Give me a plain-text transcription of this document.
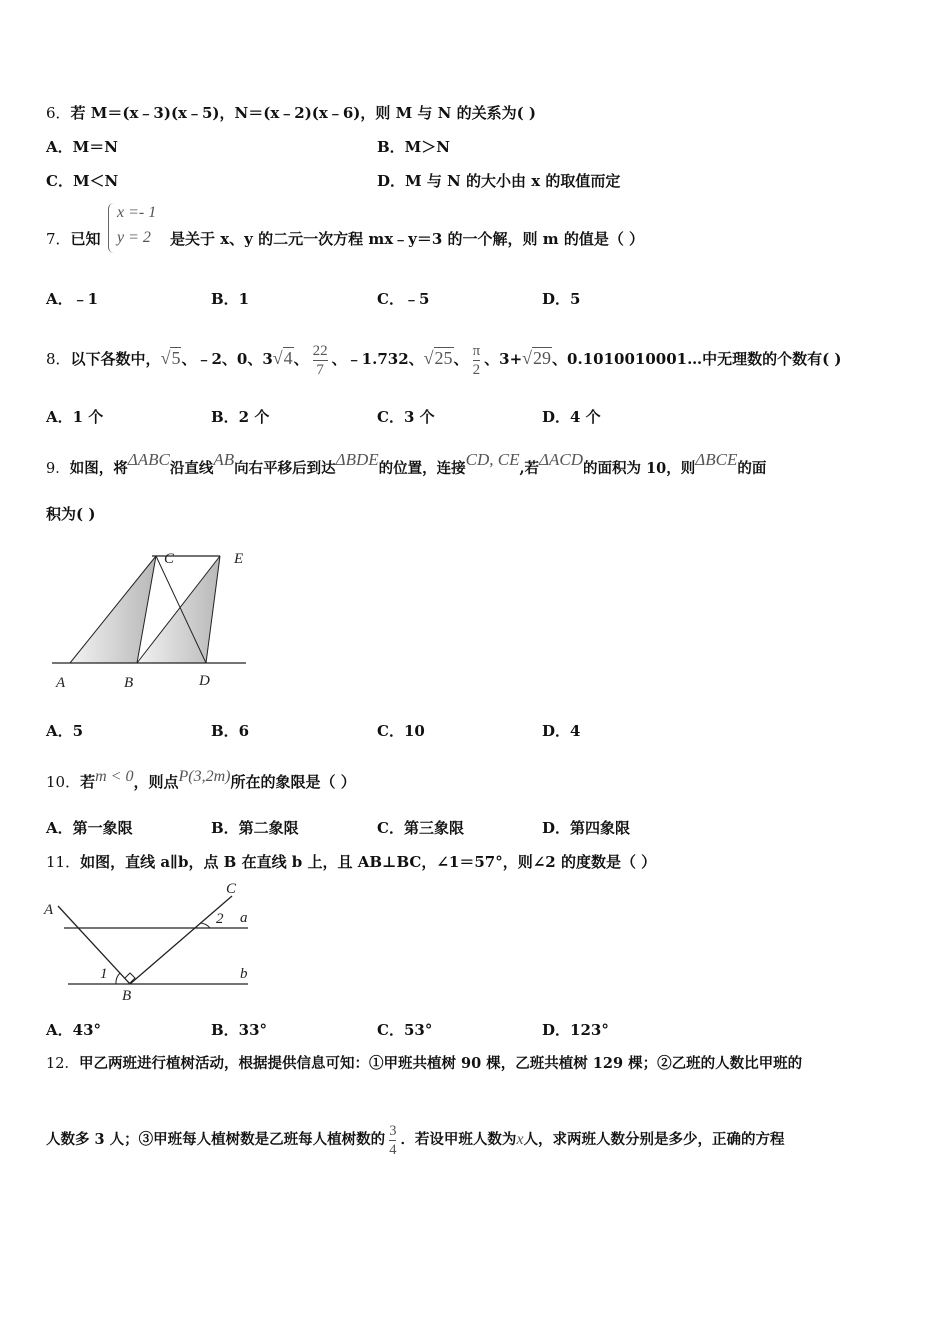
6．若 M＝(x﹣3)(x﹣5)，N＝(x﹣2)(x﹣6)，则 M 与 N 的关系为( )
A．M＝N	B．M＞N
C．M＜N	D．M 与 N 的大小由 x 的取值而定
7．已知
x =- 1
y = 2 是关于 x、y 的二元一次方程 mx﹣y＝3 的一个解，则 m 的值是（ ）
A．﹣1	B．1	C．﹣5	D．5
8．以下各数中，√5、﹣2、0、3√4、 $\frac{22}{7}$ 、﹣1.732、√25、 $\frac{\pi}{2}$ 、3+√29、0.1010010001…中无理数的个数有( )
A．1 个	B．2 个	C．3 个	D．4 个
9．如图，将ΔABC沿直线AB向右平移后到达ΔBDE的位置，连接CD, CE,若ΔACD的面积为 10，则ΔBCE的面
积为( )
A	B
C
D
E
A．5	B．6	C．10	D．4
10．若m < 0，则点P(3,2m)所在的象限是（ ）
A．第一象限	B．第二象限	C．第三象限	D．第四象限
11．如图，直线 a∥b，点 B 在直线 b 上，且 AB⊥BC，∠1＝57°，则∠2 的度数是（ ）
A
C
B
a
b
1
2
A．43°	B．33°	C．53°	D．123°
12．甲乙两班进行植树活动，根据提供信息可知：①甲班共植树 90 棵，乙班共植树 129 棵；②乙班的人数比甲班的
人数多 3 人；③甲班每人植树数是乙班每人植树数的 $\frac{3}{4}$ ．若设甲班人数为x人，求两班人数分别是多少，正确的方程
